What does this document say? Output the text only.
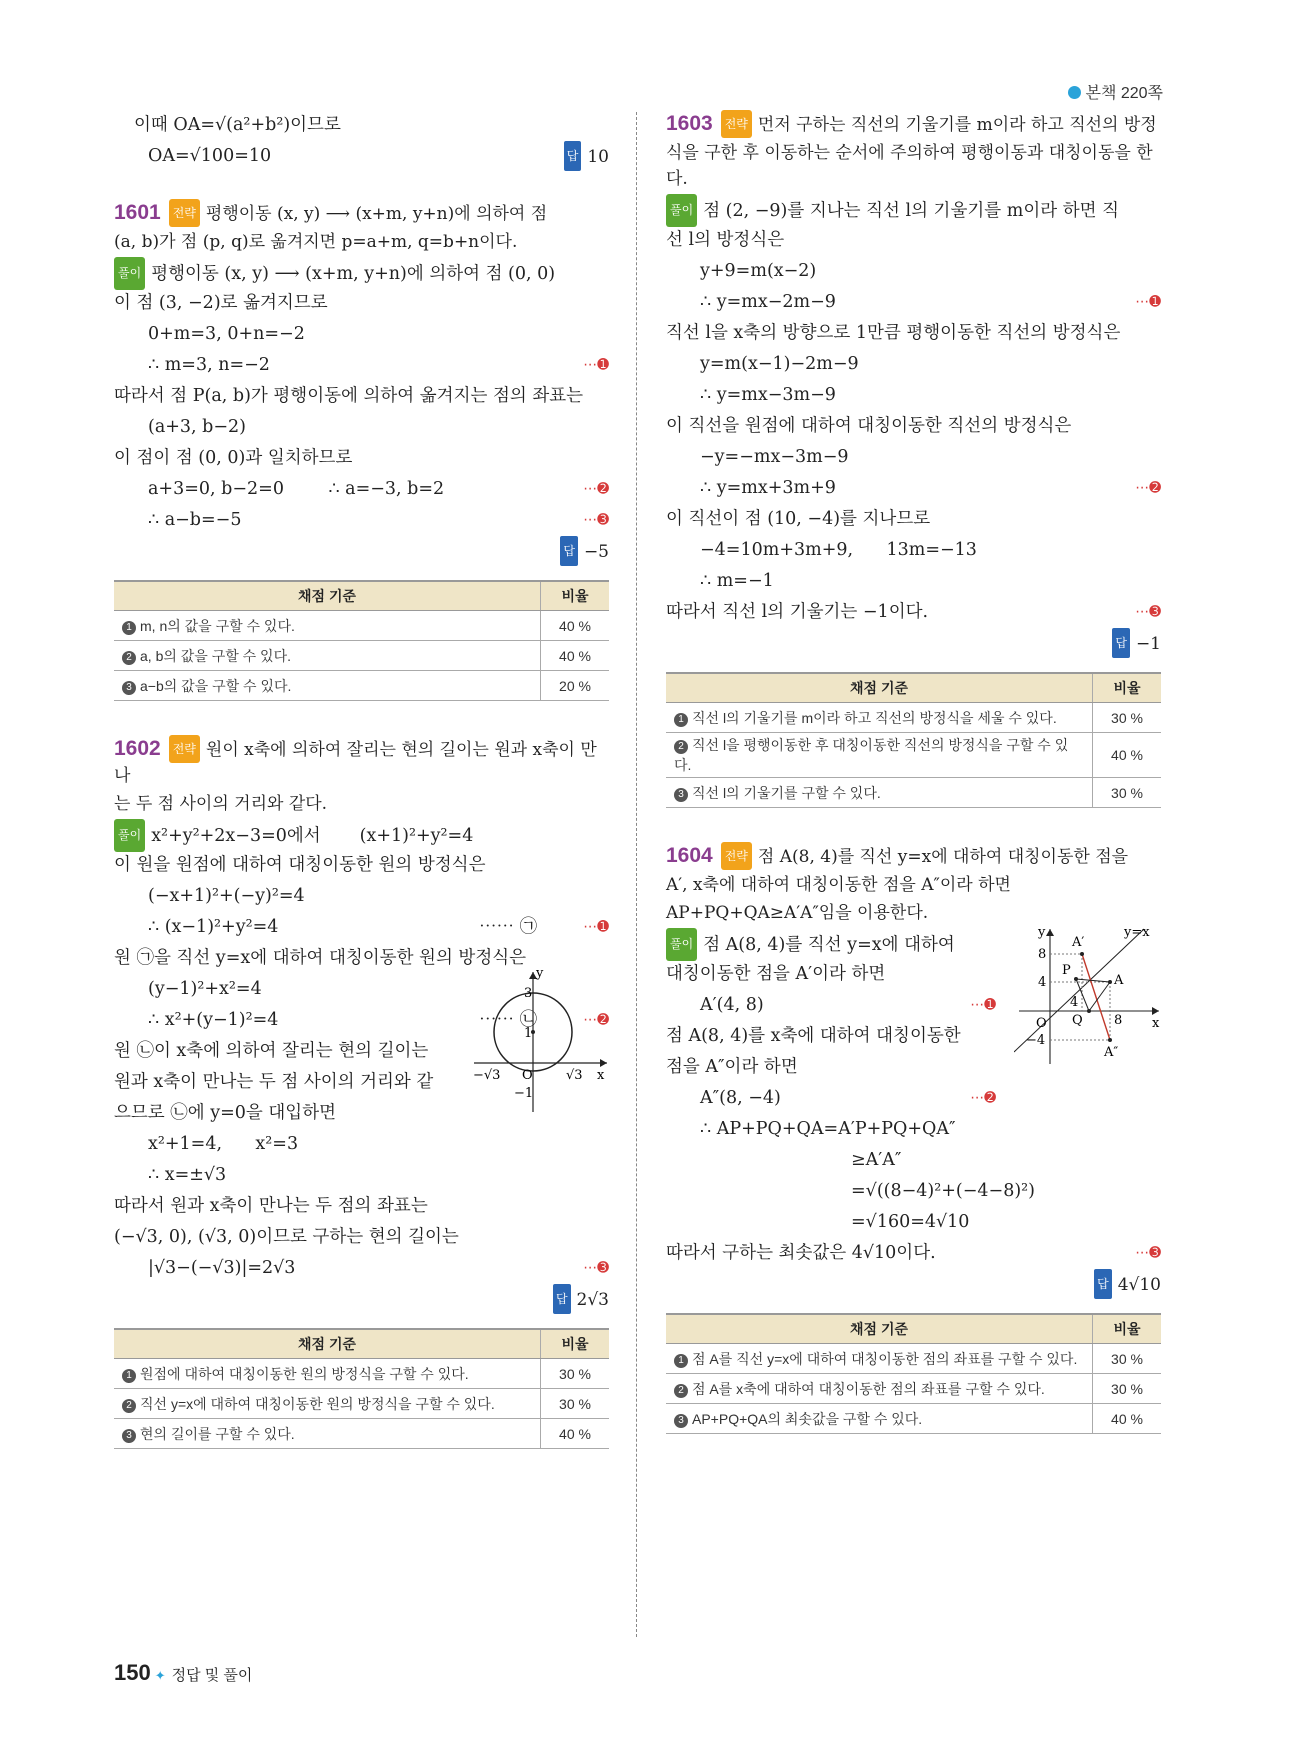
본책 220쪽
이때 OA=√(a²+b²)이므로
OA=√100=10	답 10
1601 전략 평행이동 (x, y) ⟶ (x+m, y+n)에 의하여 점
(a, b)가 점 (p, q)로 옮겨지면 p=a+m, q=b+n이다.
풀이 평행이동 (x, y) ⟶ (x+m, y+n)에 의하여 점 (0, 0)
이 점 (3, −2)로 옮겨지므로
0+m=3, 0+n=−2
∴ m=3, n=−2	⋯➊
따라서 점 P(a, b)가 평행이동에 의하여 옮겨지는 점의 좌표는
(a+3, b−2)
이 점이 점 (0, 0)과 일치하므로
a+3=0, b−2=0        ∴ a=−3, b=2	⋯➋
∴ a−b=−5	⋯➌
답 −5
채점 기준	비율
1 m, n의 값을 구할 수 있다.	40 %
2 a, b의 값을 구할 수 있다.	40 %
3 a−b의 값을 구할 수 있다.	20 %
1602 전략 원이 x축에 의하여 잘리는 현의 길이는 원과 x축이 만나
는 두 점 사이의 거리와 같다.
풀이 x²+y²+2x−3=0에서       (x+1)²+y²=4
이 원을 원점에 대하여 대칭이동한 원의 방정식은
(−x+1)²+(−y)²=4
∴ (x−1)²+y²=4	⋯⋯ ㉠	⋯➊
원 ㉠을 직선 y=x에 대하여 대칭이동한 원의 방정식은
(y−1)²+x²=4
∴ x²+(y−1)²=4	⋯⋯ ㉡	⋯➋
원 ㉡이 x축에 의하여 잘리는 현의 길이는
원과 x축이 만나는 두 점 사이의 거리와 같
으므로 ㉡에 y=0을 대입하면
x²+1=4,      x²=3
∴ x=±√3
따라서 원과 x축이 만나는 두 점의 좌표는
(−√3, 0), (√3, 0)이므로 구하는 현의 길이는
|√3−(−√3)|=2√3	⋯➌
답 2√3
y
x
O
3
1
−1
−√3	√3
채점 기준	비율
1 원점에 대하여 대칭이동한 원의 방정식을 구할 수 있다.	30 %
2 직선 y=x에 대하여 대칭이동한 원의 방정식을 구할 수 있다.	30 %
3 현의 길이를 구할 수 있다.	40 %
1603 전략 먼저 구하는 직선의 기울기를 m이라 하고 직선의 방정
식을 구한 후 이동하는 순서에 주의하여 평행이동과 대칭이동을 한다.
풀이 점 (2, −9)를 지나는 직선 l의 기울기를 m이라 하면 직
선 l의 방정식은
y+9=m(x−2)
∴ y=mx−2m−9	⋯➊
직선 l을 x축의 방향으로 1만큼 평행이동한 직선의 방정식은
y=m(x−1)−2m−9
∴ y=mx−3m−9
이 직선을 원점에 대하여 대칭이동한 직선의 방정식은
−y=−mx−3m−9
∴ y=mx+3m+9	⋯➋
이 직선이 점 (10, −4)를 지나므로
−4=10m+3m+9,      13m=−13
∴ m=−1
따라서 직선 l의 기울기는 −1이다.	⋯➌
답 −1
채점 기준	비율
1 직선 l의 기울기를 m이라 하고 직선의 방정식을 세울 수 있다.	30 %
2 직선 l을 평행이동한 후 대칭이동한 직선의 방정식을 구할 수 있다.	40 %
3 직선 l의 기울기를 구할 수 있다.	30 %
1604 전략 점 A(8, 4)를 직선 y=x에 대하여 대칭이동한 점을
A′, x축에 대하여 대칭이동한 점을 A″이라 하면
AP+PQ+QA≥A′A″임을 이용한다.
풀이 점 A(8, 4)를 직선 y=x에 대하여
대칭이동한 점을 A′이라 하면
A′(4, 8)	⋯➊
점 A(8, 4)를 x축에 대하여 대칭이동한
점을 A″이라 하면
A″(8, −4)	⋯➋
∴ AP+PQ+QA=A′P+PQ+QA″
≥A′A″
=√((8−4)²+(−4−8)²)
=√160=4√10
따라서 구하는 최솟값은 4√10이다.	⋯➌
답 4√10
y
x
y=x
O
8
4
−4
A′
A
A″
P
Q
4
8
채점 기준	비율
1 점 A를 직선 y=x에 대하여 대칭이동한 점의 좌표를 구할 수 있다.	30 %
2 점 A를 x축에 대하여 대칭이동한 점의 좌표를 구할 수 있다.	30 %
3 AP+PQ+QA의 최솟값을 구할 수 있다.	40 %
150 ✦ 정답 및 풀이
